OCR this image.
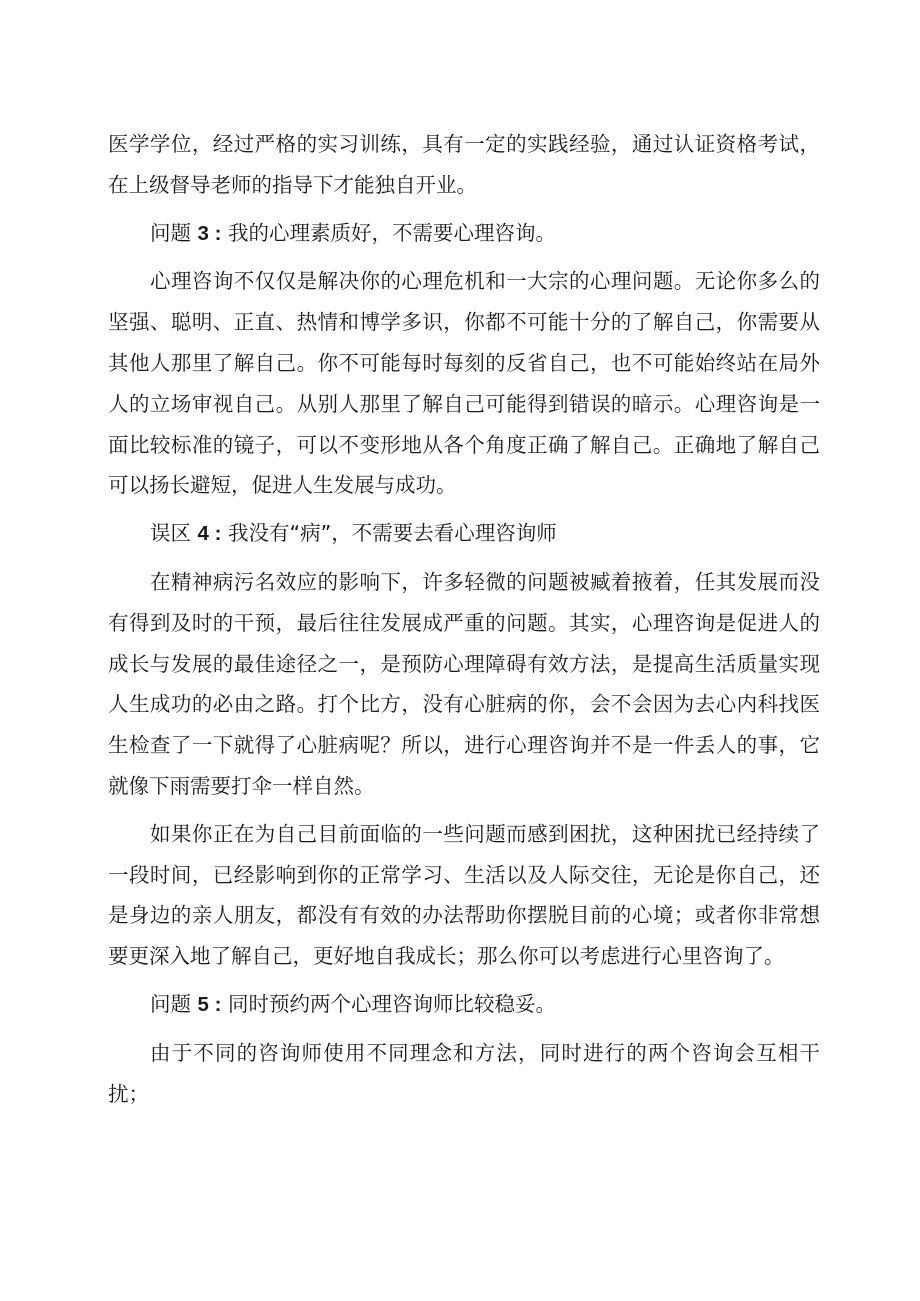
医学学位，经过严格的实习训练，具有一定的实践经验，通过认证资格考试，在上级督导老师的指导下才能独自开业。

问题 3 : 我的心理素质好，不需要心理咨询。

心理咨询不仅仅是解决你的心理危机和一大宗的心理问题。无论你多么的坚强、聪明、正直、热情和博学多识，你都不可能十分的了解自己，你需要从其他人那里了解自己。你不可能每时每刻的反省自己，也不可能始终站在局外人的立场审视自己。从别人那里了解自己可能得到错误的暗示。心理咨询是一面比较标准的镜子，可以不变形地从各个角度正确了解自己。正确地了解自己可以扬长避短，促进人生发展与成功。

误区 4 : 我没有“病”，不需要去看心理咨询师

在精神病污名效应的影响下，许多轻微的问题被臧着掖着，任其发展而没有得到及时的干预，最后往往发展成严重的问题。其实，心理咨询是促进人的成长与发展的最佳途径之一，是预防心理障碍有效方法，是提高生活质量实现人生成功的必由之路。打个比方，没有心脏病的你，会不会因为去心内科找医生检查了一下就得了心脏病呢？所以，进行心理咨询并不是一件丢人的事，它就像下雨需要打伞一样自然。

如果你正在为自己目前面临的一些问题而感到困扰，这种困扰已经持续了一段时间，已经影响到你的正常学习、生活以及人际交往，无论是你自己，还是身边的亲人朋友，都没有有效的办法帮助你摆脱目前的心境；或者你非常想要更深入地了解自己，更好地自我成长；那么你可以考虑进行心里咨询了。

问题 5 : 同时预约两个心理咨询师比较稳妥。

由于不同的咨询师使用不同理念和方法，同时进行的两个咨询会互相干扰；
